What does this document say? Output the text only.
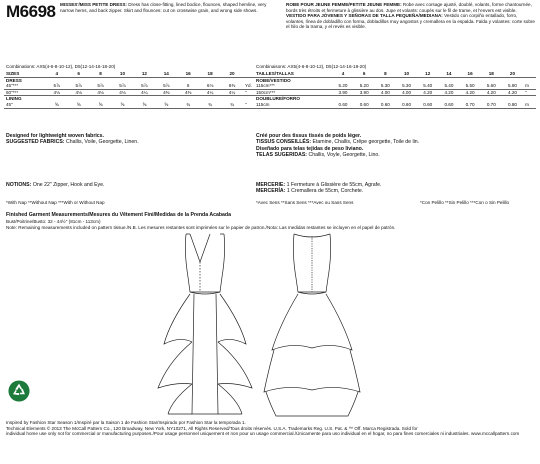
M6698 MISSES'/MISS PETITE DRESS: Dress has close-fitting, lined bodice, flounces, shaped hemline, very narrow hems, and back zipper. Skirt and flounces: cut on crosswise grain, and wrong side shows.
ROBE POUR JEUNE FEMME/PETITE JEUNE FEMME: Robe avec corsage ajusté, doublé, volants, forme chantournée, bords très étroits et fermeture à glissière au dos. Jupe et volants: coupés sur le fil de trame, et l'envers est visible. VESTIDO PARA JÓVENES Y SEÑORAS DE TALLA PEQUEÑA/MEDIANA: Vestido con corpiño entallado, forro, volantes, línea de dobladillo con forma, dobladillos muy angostos y cremallera en la espalda. Falda y volantes: corte sobre el hilo de la trama, y el revés es visible.
Combinations: AX5(4-6-8-10-12), D5(12-14-16-18-20)
SIZES	4	6	8	10	12	14	16	18	20	
DRESS										
45"***	5⅞	5⅞	5⅞	5⅞	5⅞	5⅞	6	6⅛	6⅜	Yd.
60"***	4⅛	4⅛	4⅛	4⅛	4¼	4⅜	4⅜	4¼	4¼	"
LINING										
45"	⅝	⅝	⅝	⅝	⅝	⅝	¾	¾	¾	"
Designed for lightweight woven fabrics.
SUGGESTED FABRICS: Challis, Voile, Georgette, Linen.
NOTIONS: One 22" Zipper, Hook and Eye.
*With Nap **Without Nap ***With or Without Nap
Combinaisons: AX5(4-6-8-10-12), D5(12-14-16-18-20)
TAILLES/TALLAS	4	6	8	10	12	14	16	18	20	
ROBE/VESTIDO										
115cm***	5.20	5.20	5.30	5.30	5.40	5.40	5.50	5.60	5.80	m
150cm***	3.90	3.90	4.00	4.00	4.20	4.20	4.20	4.20	4.20	"
DOUBLURE/FORRO										
115cm	0.60	0.60	0.60	0.60	0.60	0.60	0.70	0.70	0.80	m
Créé pour des tissus tissés de poids léger.
TISSUS CONSEILLÉS: Etamine, Challis, Crêpe georgette, Toile de lin.
Diseñado para telas tejidas de peso liviano.
TELAS SUGERIDAS: Challis, Voyle, Georgette, Lino.
MERCERIE: 1 Fermeture à Glissière de 55cm, Agrafe.
MERCERÍA: 1 Cremallera de 55cm, Corchete.
*Avec Sens **Sans Sens ***Avec ou Sans Sens	*Con Pelillo **Sin Pelillo ***Con o Sin Pelillo
Finished Garment Measurements/Mesures du Vêtement Fini/Medidas de la Prenda Acabada
Bust/Poitrine/Busto: 32 - 44½" (81cm - 113cm)
Note: Remaining measurements included on pattern tissue./N.B. Les mesures restantes sont imprimées sur le papier de patron./Nota: Las medidas restantes se incluyen en el papel de patrón.
Inspired by Fashion Star Season 1/Inspiré par la Saison 1 de Fashion Star/Inspirado por Fashion Star la temporada 1.
Technical Elements © 2013 The McCall Pattern Co., 120 Broadway, New York, NY10271, All Rights Reserved/Tous droits réservés. U.S.A. Trademarks Reg. U.S. Pat. & ™ Off. Marca Registrada. Sold for
individual home use only not for commercial or manufacturing purposes./Pour usage personnel uniquement et non pour un usage commercial./Únicamente para uso individual en el hogar, no para fines comerciales ni industriales. www.mccallpattern.com
